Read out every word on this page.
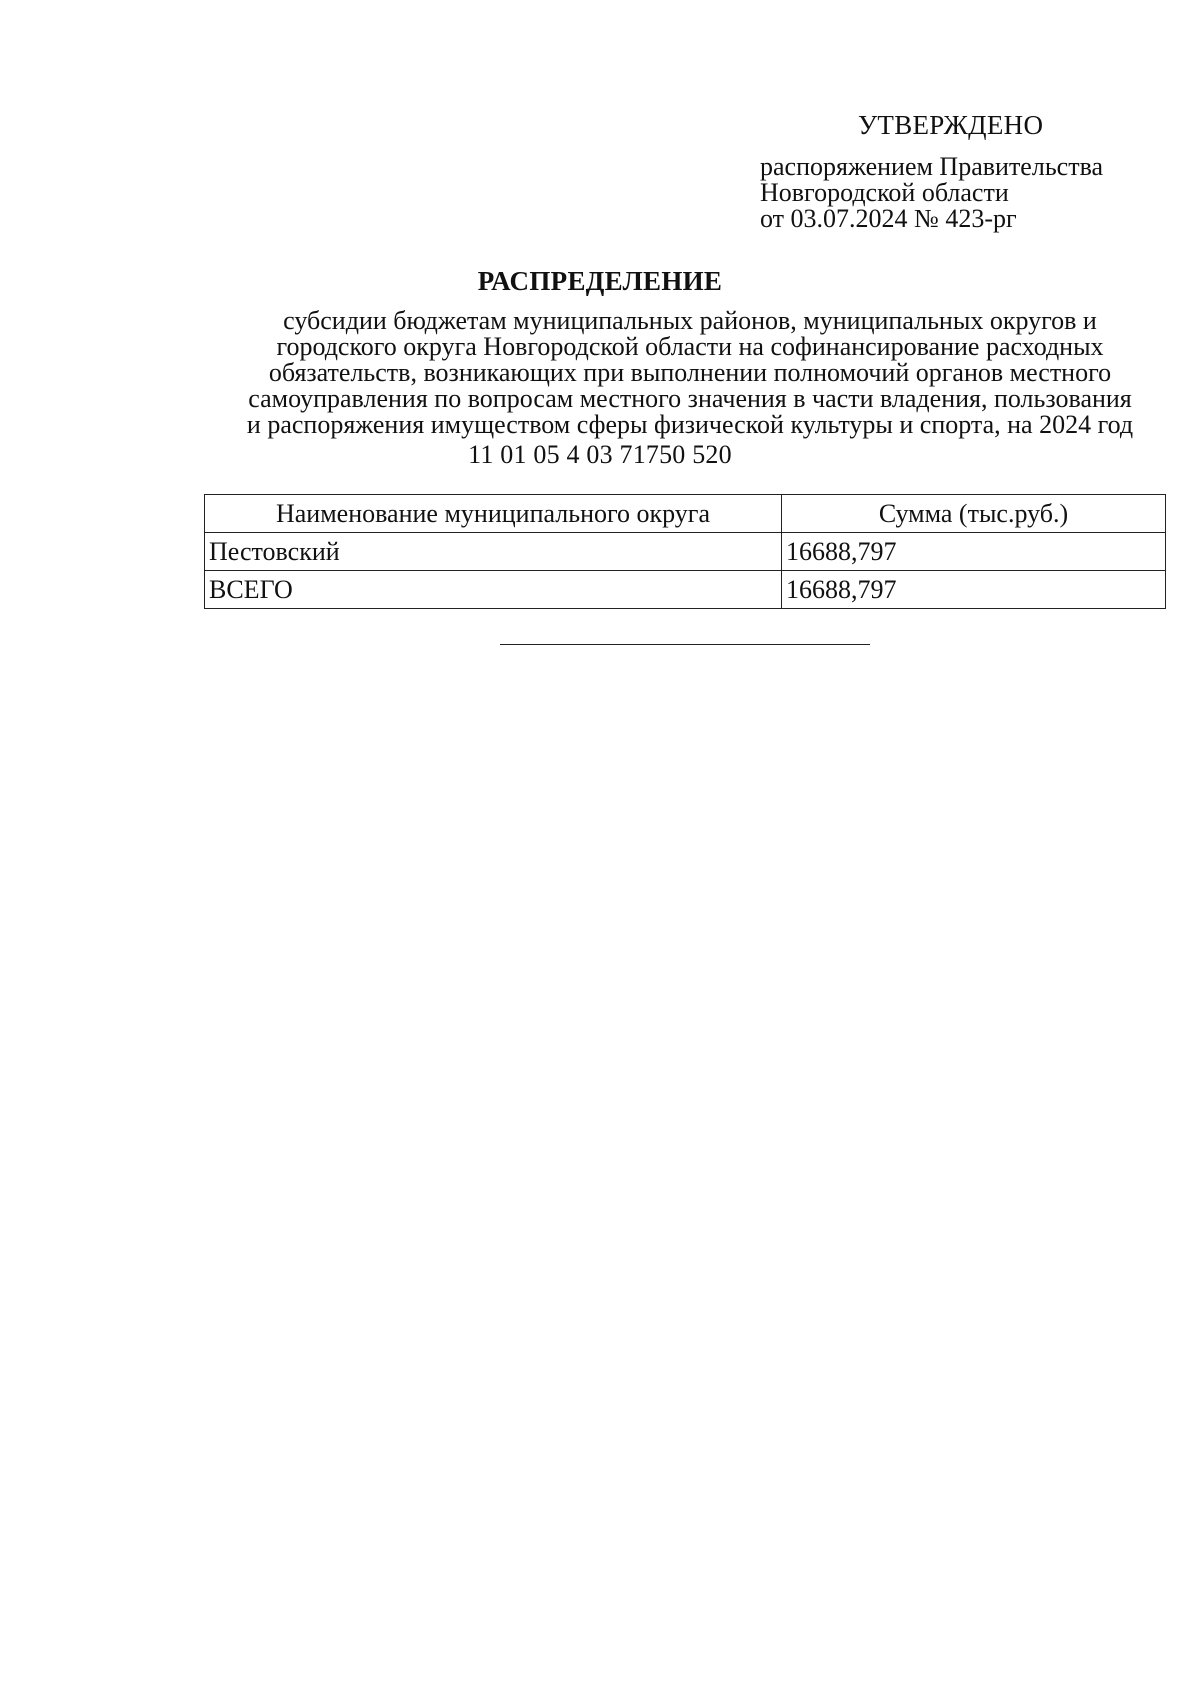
УТВЕРЖДЕНО
распоряжением Правительства
Новгородской области
от 03.07.2024 № 423-рг
РАСПРЕДЕЛЕНИЕ
субсидии бюджетам муниципальных районов, муниципальных округов и
городского округа Новгородской области на софинансирование расходных
обязательств, возникающих при выполнении полномочий органов местного
самоуправления по вопросам местного значения в части владения, пользования
и распоряжения имуществом сферы физической культуры и спорта, на 2024 год
11 01 05 4 03 71750 520
Наименование муниципального округа	Сумма (тыс.руб.)
Пестовский	16688,797
ВСЕГО	16688,797
